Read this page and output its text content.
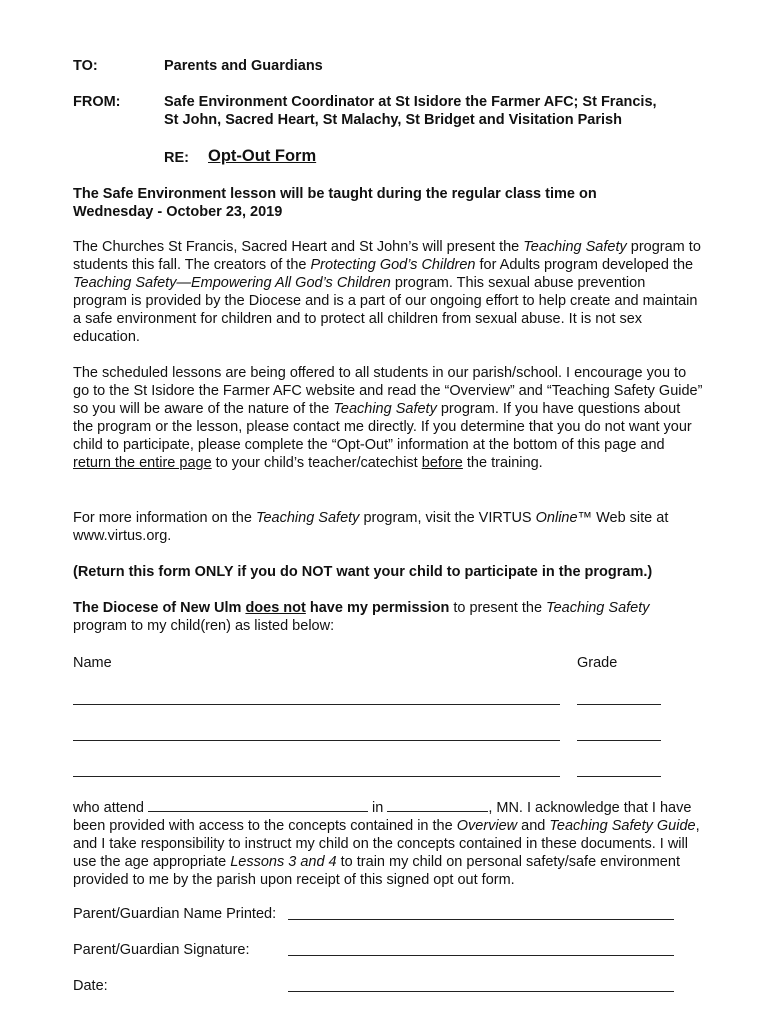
TO:	Parents and Guardians
FROM:	Safe Environment Coordinator at St Isidore the Farmer AFC; St Francis,
St John, Sacred Heart, St Malachy, St Bridget and Visitation Parish
RE: Opt-Out Form
The Safe Environment lesson will be taught during the regular class time on
Wednesday - October 23, 2019
The Churches St Francis, Sacred Heart and St John’s will present the Teaching Safety program to students this fall. The creators of the Protecting God’s Children for Adults program developed the Teaching Safety—Empowering All God’s Children program. This sexual abuse prevention program is provided by the Diocese and is a part of our ongoing effort to help create and maintain a safe environment for children and to protect all children from sexual abuse. It is not sex education.
The scheduled lessons are being offered to all students in our parish/school. I encourage you to go to the St Isidore the Farmer AFC website and read the “Overview” and “Teaching Safety Guide” so you will be aware of the nature of the Teaching Safety program. If you have questions about the program or the lesson, please contact me directly. If you determine that you do not want your child to participate, please complete the “Opt-Out” information at the bottom of this page and return the entire page to your child’s teacher/catechist before the training.
For more information on the Teaching Safety program, visit the VIRTUS Online™ Web site at www.virtus.org.
(Return this form ONLY if you do NOT want your child to participate in the program.)
The Diocese of New Ulm does not have my permission to present the Teaching Safety program to my child(ren) as listed below:
Name	Grade
who attend	in	, MN. I acknowledge that I have been provided with access to the concepts contained in the Overview and Teaching Safety Guide, and I take responsibility to instruct my child on the concepts contained in these documents. I will use the age appropriate Lessons 3 and 4 to train my child on personal safety/safe environment provided to me by the parish upon receipt of this signed opt out form.
Parent/Guardian Name Printed:
Parent/Guardian Signature:
Date:
